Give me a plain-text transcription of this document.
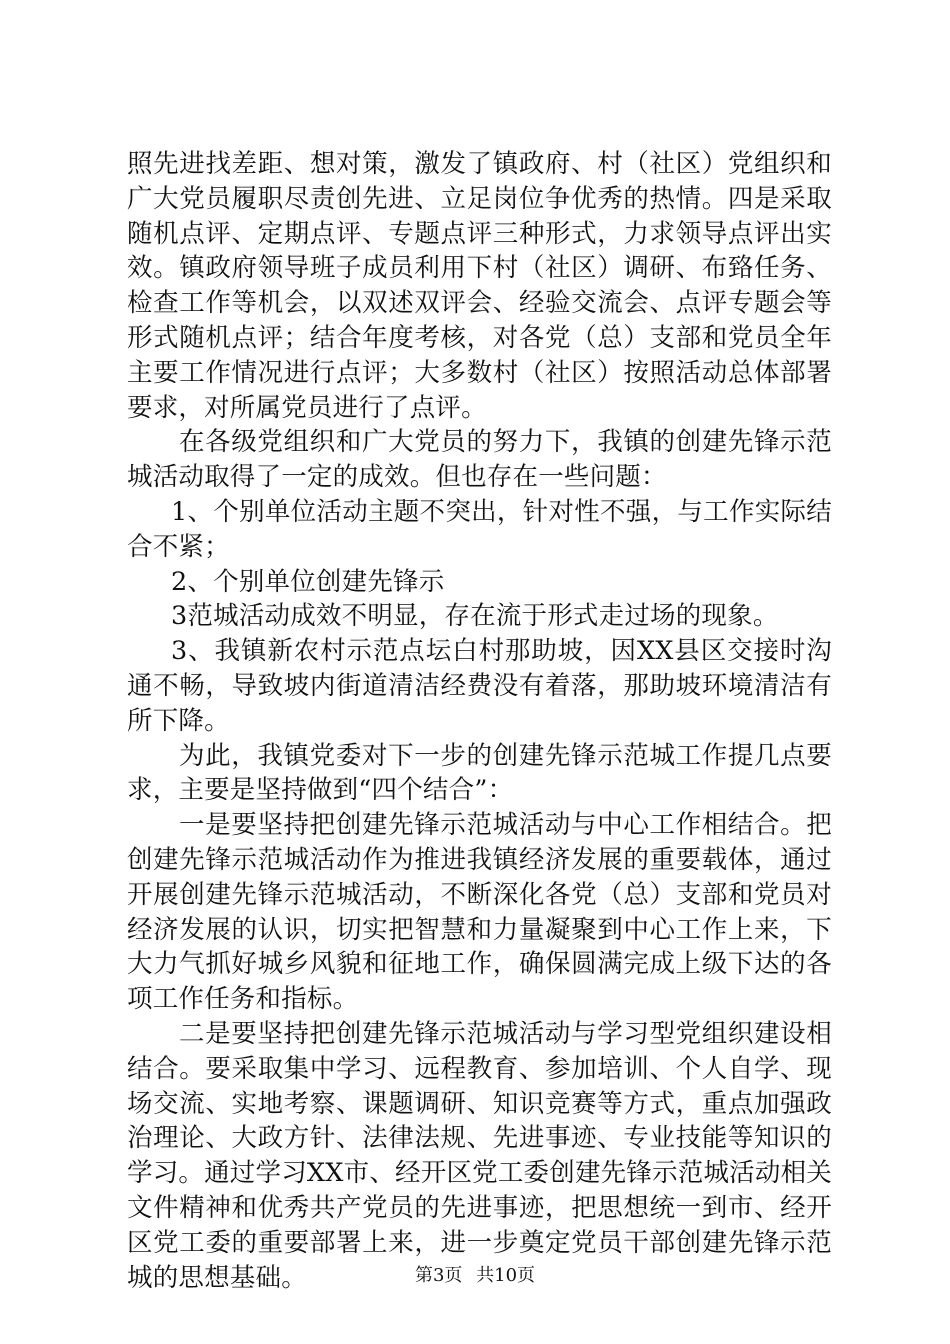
照先进找差距、想对策，激发了镇政府、村（社区）党组织和
广大党员履职尽责创先进、立足岗位争优秀的热情。四是采取
随机点评、定期点评、专题点评三种形式，力求领导点评出实
效。镇政府领导班子成员利用下村（社区）调研、布臵任务、
检查工作等机会，以双述双评会、经验交流会、点评专题会等
形式随机点评；结合年度考核，对各党（总）支部和党员全年
主要工作情况进行点评；大多数村（社区）按照活动总体部署
要求，对所属党员进行了点评。
在各级党组织和广大党员的努力下，我镇的创建先锋示范
城活动取得了一定的成效。但也存在一些问题：
1、个别单位活动主题不突出，针对性不强，与工作实际结
合不紧；
2、个别单位创建先锋示
3范城活动成效不明显，存在流于形式走过场的现象。
3、我镇新农村示范点坛白村那助坡，因XX县区交接时沟
通不畅，导致坡内街道清洁经费没有着落，那助坡环境清洁有
所下降。
为此，我镇党委对下一步的创建先锋示范城工作提几点要
求，主要是坚持做到“四个结合”：
一是要坚持把创建先锋示范城活动与中心工作相结合。把
创建先锋示范城活动作为推进我镇经济发展的重要载体，通过
开展创建先锋示范城活动，不断深化各党（总）支部和党员对
经济发展的认识，切实把智慧和力量凝聚到中心工作上来，下
大力气抓好城乡风貌和征地工作，确保圆满完成上级下达的各
项工作任务和指标。
二是要坚持把创建先锋示范城活动与学习型党组织建设相
结合。要采取集中学习、远程教育、参加培训、个人自学、现
场交流、实地考察、课题调研、知识竞赛等方式，重点加强政
治理论、大政方针、法律法规、先进事迹、专业技能等知识的
学习。通过学习XX市、经开区党工委创建先锋示范城活动相关
文件精神和优秀共产党员的先进事迹，把思想统一到市、经开
区党工委的重要部署上来，进一步奠定党员干部创建先锋示范
城的思想基础。	第3页 共10页
